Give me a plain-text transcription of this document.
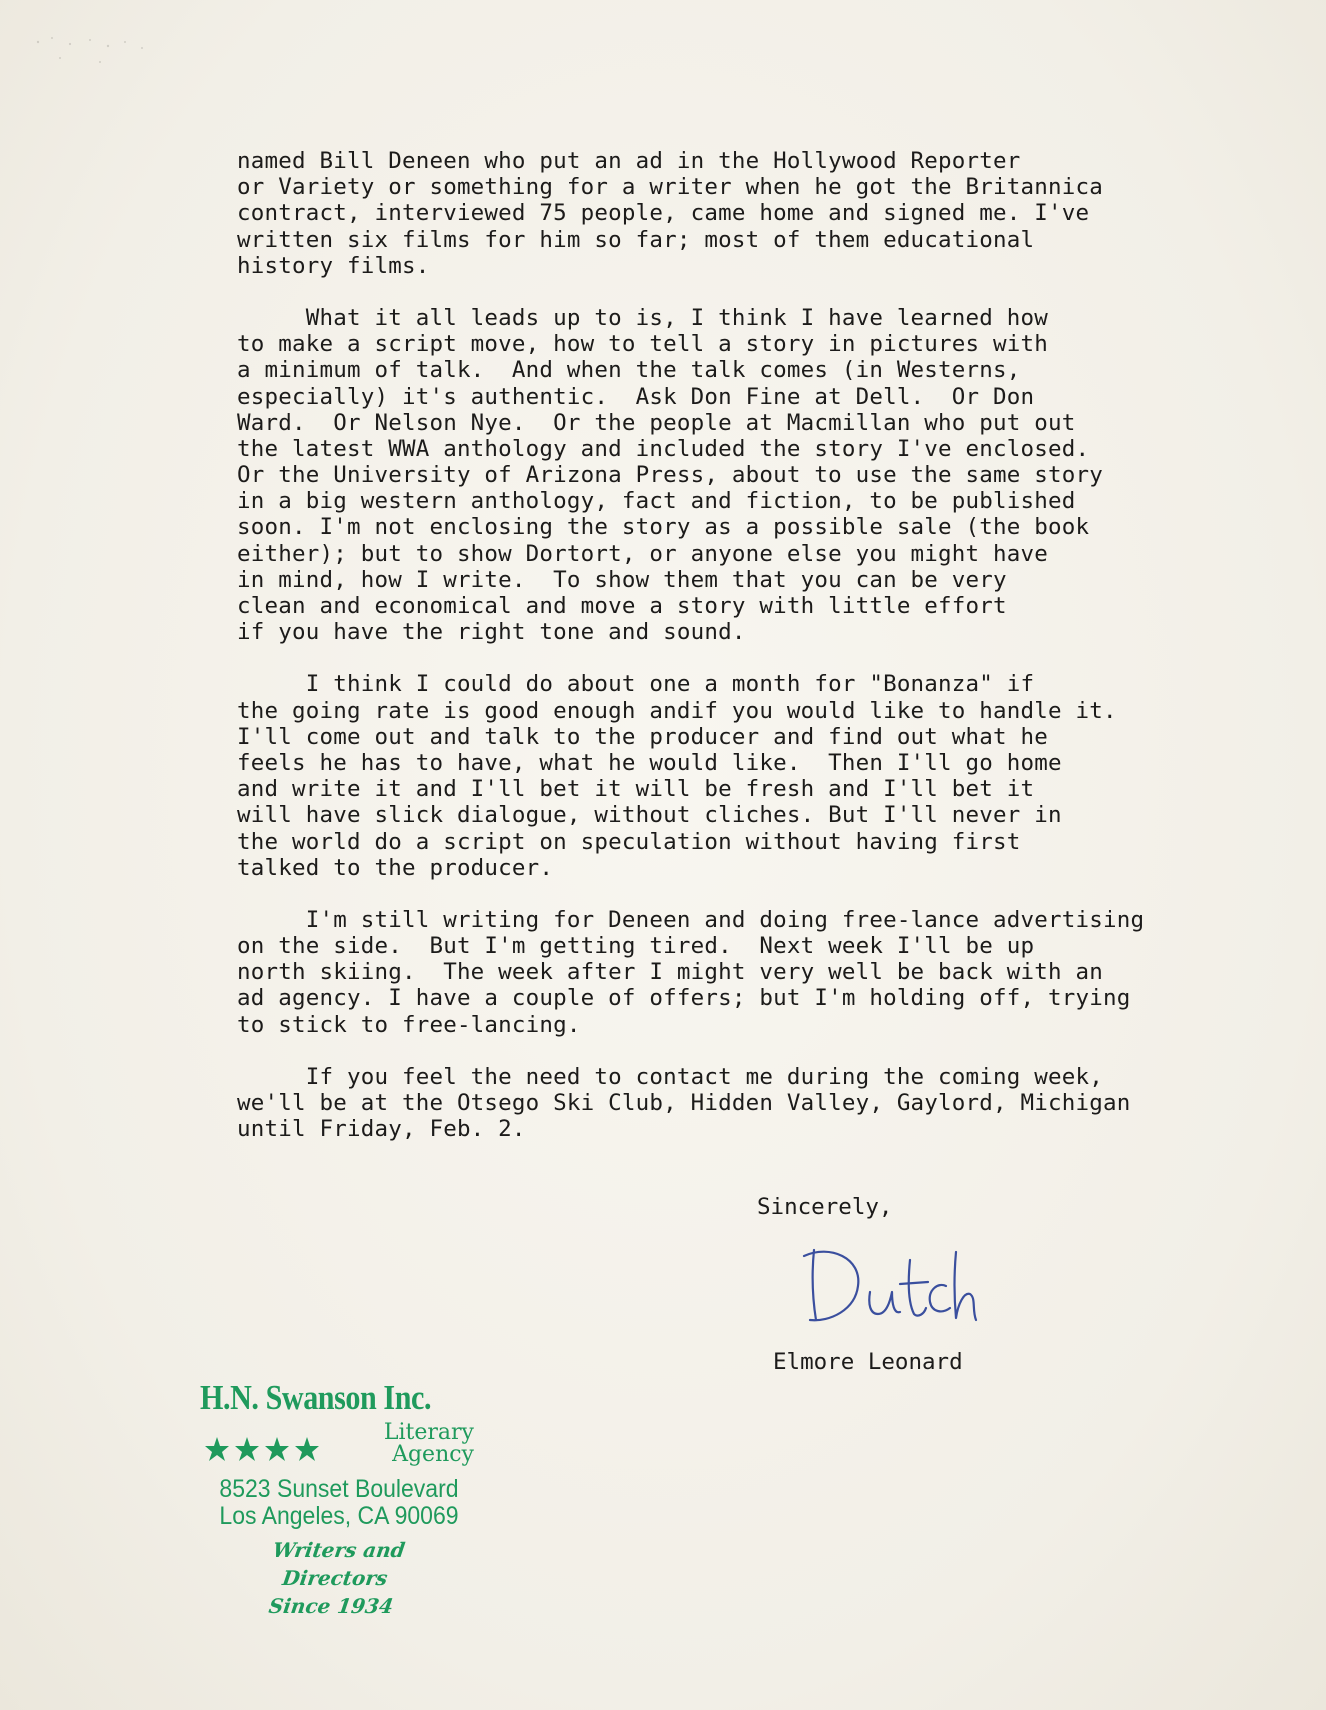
named Bill Deneen who put an ad in the Hollywood Reporter
or Variety or something for a writer when he got the Britannica
contract, interviewed 75 people, came home and signed me. I've
written six films for him so far; most of them educational
history films.
What it all leads up to is, I think I have learned how
to make a script move, how to tell a story in pictures with
a minimum of talk.  And when the talk comes (in Westerns,
especially) it's authentic.  Ask Don Fine at Dell.  Or Don
Ward.  Or Nelson Nye.  Or the people at Macmillan who put out
the latest WWA anthology and included the story I've enclosed.
Or the University of Arizona Press, about to use the same story
in a big western anthology, fact and fiction, to be published
soon. I'm not enclosing the story as a possible sale (the book
either); but to show Dortort, or anyone else you might have
in mind, how I write.  To show them that you can be very
clean and economical and move a story with little effort
if you have the right tone and sound.
I think I could do about one a month for "Bonanza" if
the going rate is good enough andif you would like to handle it.
I'll come out and talk to the producer and find out what he
feels he has to have, what he would like.  Then I'll go home
and write it and I'll bet it will be fresh and I'll bet it
will have slick dialogue, without cliches. But I'll never in
the world do a script on speculation without having first
talked to the producer.
I'm still writing for Deneen and doing free-lance advertising
on the side.  But I'm getting tired.  Next week I'll be up
north skiing.  The week after I might very well be back with an
ad agency. I have a couple of offers; but I'm holding off, trying
to stick to free-lancing.
If you feel the need to contact me during the coming week,
we'll be at the Otsego Ski Club, Hidden Valley, Gaylord, Michigan
until Friday, Feb. 2.
Sincerely,
Elmore Leonard
H.N. Swanson Inc.
Literary
Agency
8523 Sunset Boulevard
Los Angeles, CA 90069
Writers and Directors
Since 1934
